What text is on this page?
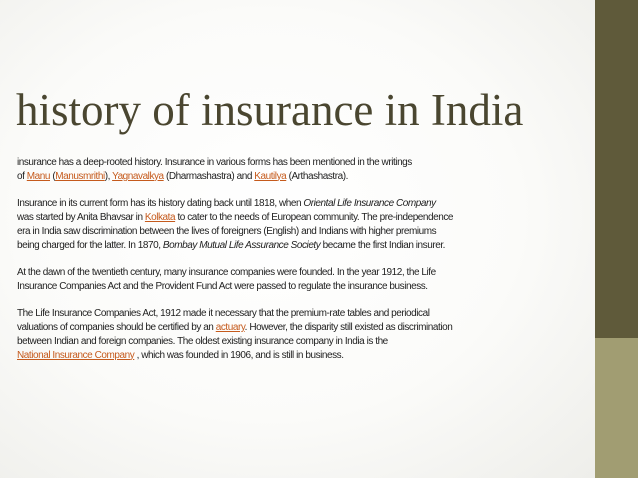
history of insurance in India
insurance has a deep-rooted history. Insurance in various forms has been mentioned in the writings
of Manu (Manusmrithi), Yagnavalkya (Dharmashastra) and Kautilya (Arthashastra).
Insurance in its current form has its history dating back until 1818, when Oriental Life Insurance Company
was started by Anita Bhavsar in Kolkata to cater to the needs of European community. The pre-independence
era in India saw discrimination between the lives of foreigners (English) and Indians with higher premiums
being charged for the latter. In 1870, Bombay Mutual Life Assurance Society became the first Indian insurer.
At the dawn of the twentieth century, many insurance companies were founded. In the year 1912, the Life
Insurance Companies Act and the Provident Fund Act were passed to regulate the insurance business.
The Life Insurance Companies Act, 1912 made it necessary that the premium-rate tables and periodical
valuations of companies should be certified by an actuary. However, the disparity still existed as discrimination
between Indian and foreign companies. The oldest existing insurance company in India is the
National Insurance Company , which was founded in 1906, and is still in business.
